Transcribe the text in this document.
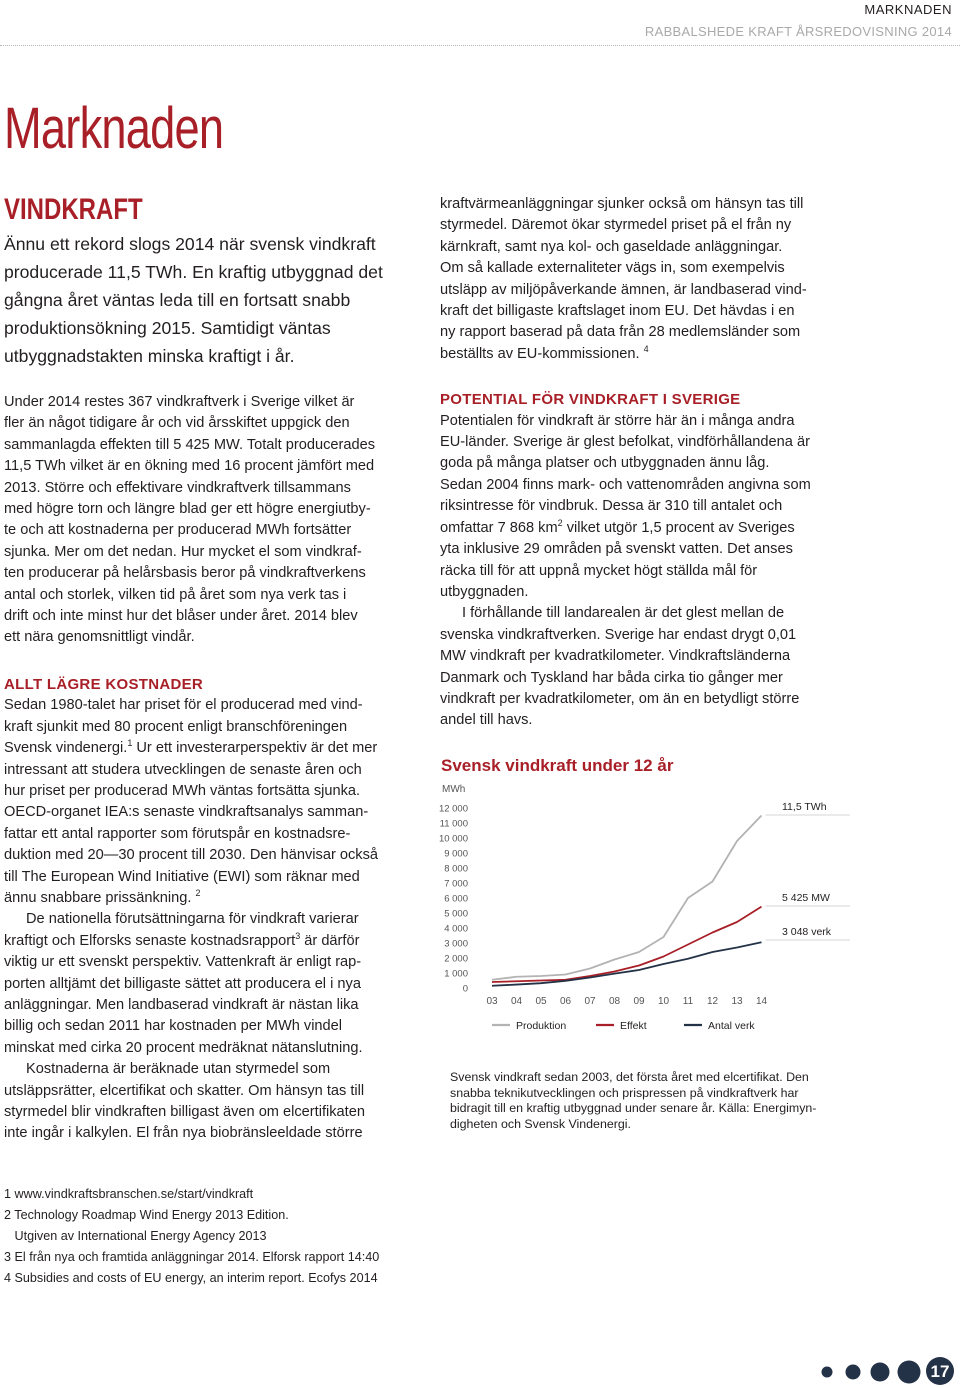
MARKNADEN
RABBALSHEDE KRAFT ÅRSREDOVISNING 2014
Marknaden
VINDKRAFT
Ännu ett rekord slogs 2014 när svensk vindkraft producerade 11,5 TWh. En kraftig utbyggnad det gångna året väntas leda till en fortsatt snabb produktionsökning 2015. Samtidigt väntas utbyggnadstakten minska kraftigt i år.
Under 2014 restes 367 vindkraftverk i Sverige vilket är
fler än något tidigare år och vid årsskiftet uppgick den
sammanlagda effekten till 5 425 MW. Totalt producerades
11,5 TWh vilket är en ökning med 16 procent jämfört med
2013. Större och effektivare vindkraftverk tillsammans
med högre torn och längre blad ger ett högre energiutby-
te och att kostnaderna per producerad MWh fortsätter
sjunka. Mer om det nedan. Hur mycket el som vindkraf-
ten producerar på helårsbasis beror på vindkraftverkens
antal och storlek, vilken tid på året som nya verk tas i
drift och inte minst hur det blåser under året. 2014 blev
ett nära genomsnittligt vindår.
ALLT LÄGRE KOSTNADER
Sedan 1980-talet har priset för el producerad med vind-
kraft sjunkit med 80 procent enligt branschföreningen
Svensk vindenergi.$^1$ Ur ett investerarperspektiv är det mer
intressant att studera utvecklingen de senaste åren och
hur priset per producerad MWh väntas fortsätta sjunka.
OECD-organet IEA:s senaste vindkraftsanalys samman-
fattar ett antal rapporter som förutspår en kostnadsre-
duktion med 20—30 procent till 2030. Den hänvisar också
till The European Wind Initiative (EWI) som räknar med
ännu snabbare prissänkning. $^2$
De nationella förutsättningarna för vindkraft varierar
kraftigt och Elforsks senaste kostnadsrapport$^3$ är därför
viktig ur ett svenskt perspektiv. Vattenkraft är enligt rap-
porten alltjämt det billigaste sättet att producera el i nya
anläggningar. Men landbaserad vindkraft är nästan lika
billig och sedan 2011 har kostnaden per MWh vindel
minskat med cirka 20 procent medräknat nätanslutning.
Kostnaderna är beräknade utan styrmedel som
utsläppsrätter, elcertifikat och skatter. Om hänsyn tas till
styrmedel blir vindkraften billigast även om elcertifikaten
inte ingår i kalkylen. El från nya biobränsleeldade större
kraftvärmeanläggningar sjunker också om hänsyn tas till
styrmedel. Däremot ökar styrmedel priset på el från ny
kärnkraft, samt nya kol- och gaseldade anläggningar.
Om så kallade externaliteter vägs in, som exempelvis
utsläpp av miljöpåverkande ämnen, är landbaserad vind-
kraft det billigaste kraftslaget inom EU. Det hävdas i en
ny rapport baserad på data från 28 medlemsländer som
beställts av EU-kommissionen. $^4$
POTENTIAL FÖR VINDKRAFT I SVERIGE
Potentialen för vindkraft är större här än i många andra
EU-länder. Sverige är glest befolkat, vindförhållandena är
goda på många platser och utbyggnaden ännu låg.
Sedan 2004 finns mark- och vattenområden angivna som
riksintresse för vindbruk. Dessa är 310 till antalet och
omfattar 7 868 $km^2$ vilket utgör 1,5 procent av Sveriges
yta inklusive 29 områden på svenskt vatten. Det anses
räcka till för att uppnå mycket högt ställda mål för
utbyggnaden.
I förhållande till landarealen är det glest mellan de
svenska vindkraftverken. Sverige har endast drygt 0,01
MW vindkraft per kvadratkilometer. Vindkraftsländerna
Danmark och Tyskland har båda cirka tio gånger mer
vindkraft per kvadratkilometer, om än en betydligt större
andel till havs.
Svensk vindkraft under 12 år
MWh
12 000
11 000
10 000
9 000
8 000
7 000
6 000
5 000
4 000
3 000
2 000
1 000
0
03 04 05 06 07 08 09 10 11 12 13 14
11,5 TWh
5 425 MW
3 048 verk
Produktion	Effekt	Antal verk
Svensk vindkraft sedan 2003, det första året med elcertifikat. Den
snabba teknikutvecklingen och prispressen på vindkraftverk har
bidragit till en kraftig utbyggnad under senare år. Källa: Energimyn-
digheten och Svensk Vindenergi.
1 www.vindkraftsbranschen.se/start/vindkraft
2 Technology Roadmap Wind Energy 2013 Edition.
Utgiven av International Energy Agency 2013
3 El från nya och framtida anläggningar 2014. Elforsk rapport 14:40
4 Subsidies and costs of EU energy, an interim report. Ecofys 2014
17
